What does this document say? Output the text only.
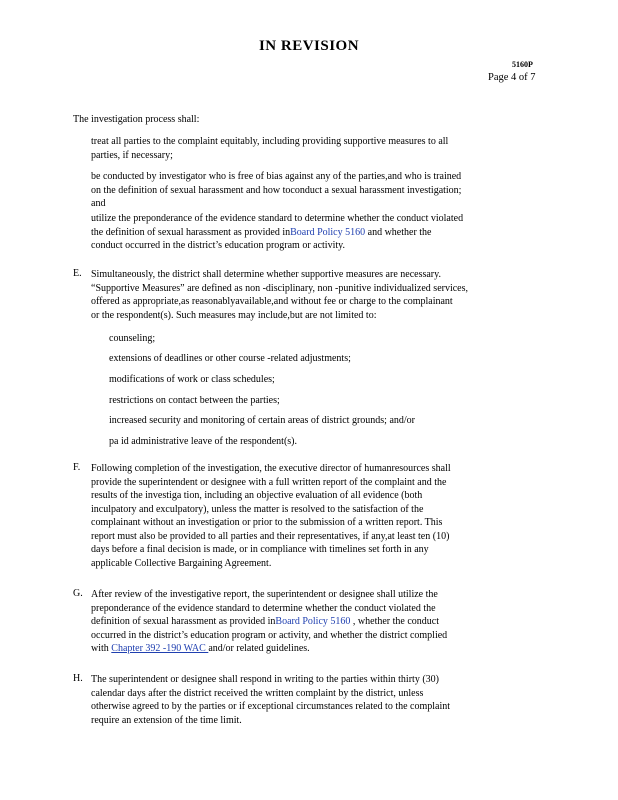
IN REVISION
5160P
Page 4 of 7
The investigation process shall:
treat all parties to the complaint equitably, including providing supportive measures to all
parties, if necessary;
be conducted by investigator who is free of bias against any of the parties,and who is trained
on the definition of sexual harassment and how toconduct a sexual harassment investigation;
and
utilize the preponderance of the evidence standard to determine whether the conduct violated
the definition of sexual harassment as provided inBoard Policy 5160 and whether the
conduct occurred in the district’s education program or activity.
E. Simultaneously, the district shall determine whether supportive measures are necessary.
“Supportive Measures” are defined as non -disciplinary, non -punitive individualized services,
offered as appropriate,as reasonablyavailable,and without fee or charge to the complainant
or the respondent(s). Such measures may include,but are not limited to:
counseling;
extensions of deadlines or other course -related adjustments;
modifications of work or class schedules;
restrictions on contact between the parties;
increased security and monitoring of certain areas of district grounds; and/or
pa id administrative leave of the respondent(s).
F. Following completion of the investigation, the executive director of humanresources shall
provide the superintendent or designee with a full written report of the complaint and the
results of the investiga tion, including an objective evaluation of all evidence (both
inculpatory and exculpatory), unless the matter is resolved to the satisfaction of the
complainant without an investigation or prior to the submission of a written report. This
report must also be provided to all parties and their representatives, if any,at least ten (10)
days before a final decision is made, or in compliance with timelines set forth in any
applicable Collective Bargaining Agreement.
G. After review of the investigative report, the superintendent or designee shall utilize the
preponderance of the evidence standard to determine whether the conduct violated the
definition of sexual harassment as provided inBoard Policy 5160 , whether the conduct
occurred in the district’s education program or activity, and whether the district complied
with Chapter 392 -190 WAC and/or related guidelines.
H. The superintendent or designee shall respond in writing to the parties within thirty (30)
calendar days after the district received the written complaint by the district, unless
otherwise agreed to by the parties or if exceptional circumstances related to the complaint
require an extension of the time limit.
